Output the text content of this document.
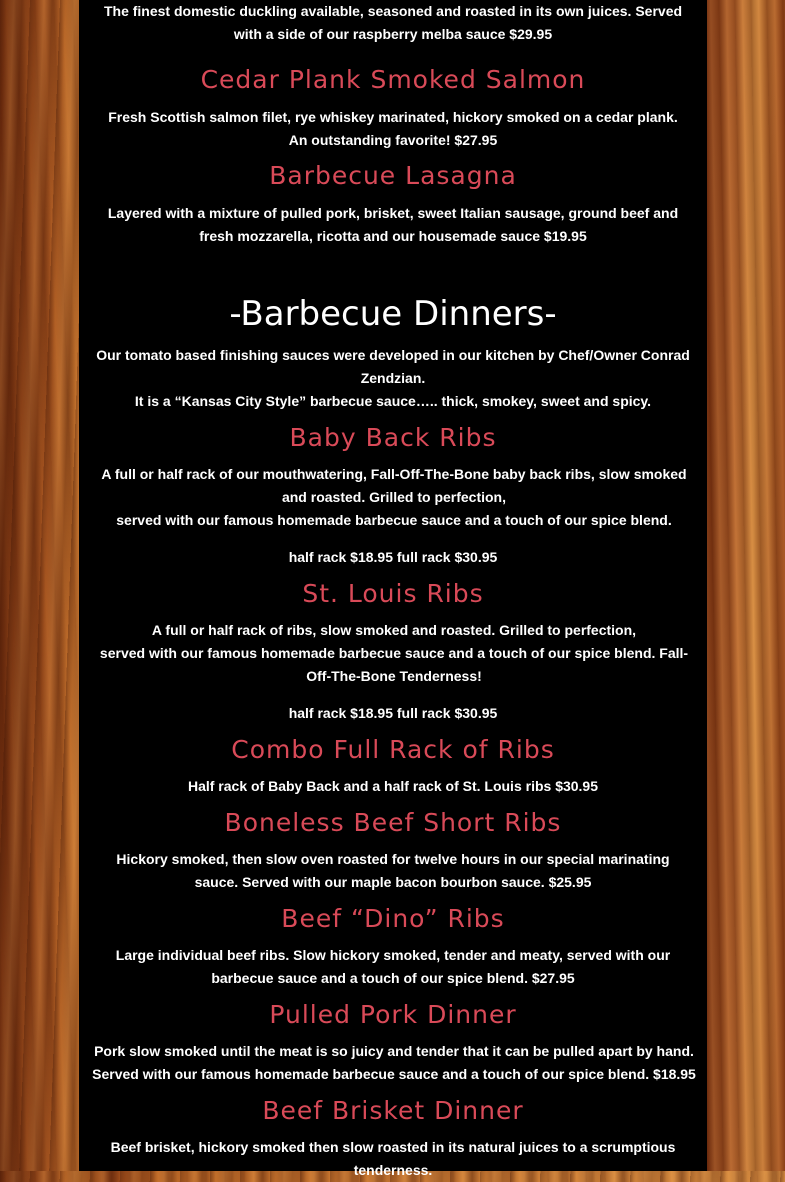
The finest domestic duckling available, seasoned and roasted in its own juices. Served with a side of our raspberry melba sauce $29.95

Cedar Plank Smoked Salmon

Fresh Scottish salmon filet, rye whiskey marinated, hickory smoked on a cedar plank. An outstanding favorite! $27.95

Barbecue Lasagna

Layered with a mixture of pulled pork, brisket, sweet Italian sausage, ground beef and fresh mozzarella, ricotta and our housemade sauce $19.95

-Barbecue Dinners-

Our tomato based finishing sauces were developed in our kitchen by Chef/Owner Conrad Zendzian.

It is a “Kansas City Style” barbecue sauce….. thick, smokey, sweet and spicy.

Baby Back Ribs

A full or half rack of our mouthwatering, Fall-Off-The-Bone baby back ribs, slow smoked and roasted. Grilled to perfection,

served with our famous homemade barbecue sauce and a touch of our spice blend.

half rack $18.95 full rack $30.95

St. Louis Ribs

A full or half rack of ribs, slow smoked and roasted. Grilled to perfection,

served with our famous homemade barbecue sauce and a touch of our spice blend. Fall-Off-The-Bone Tenderness!

half rack $18.95 full rack $30.95

Combo Full Rack of Ribs

Half rack of Baby Back and a half rack of St. Louis ribs $30.95

Boneless Beef Short Ribs

Hickory smoked, then slow oven roasted for twelve hours in our special marinating sauce. Served with our maple bacon bourbon sauce. $25.95

Beef “Dino” Ribs

Large individual beef ribs. Slow hickory smoked, tender and meaty, served with our barbecue sauce and a touch of our spice blend. $27.95

Pulled Pork Dinner

Pork slow smoked until the meat is so juicy and tender that it can be pulled apart by hand. Served with our famous homemade barbecue sauce and a touch of our spice blend. $18.95

Beef Brisket Dinner

Beef brisket, hickory smoked then slow roasted in its natural juices to a scrumptious tenderness.
